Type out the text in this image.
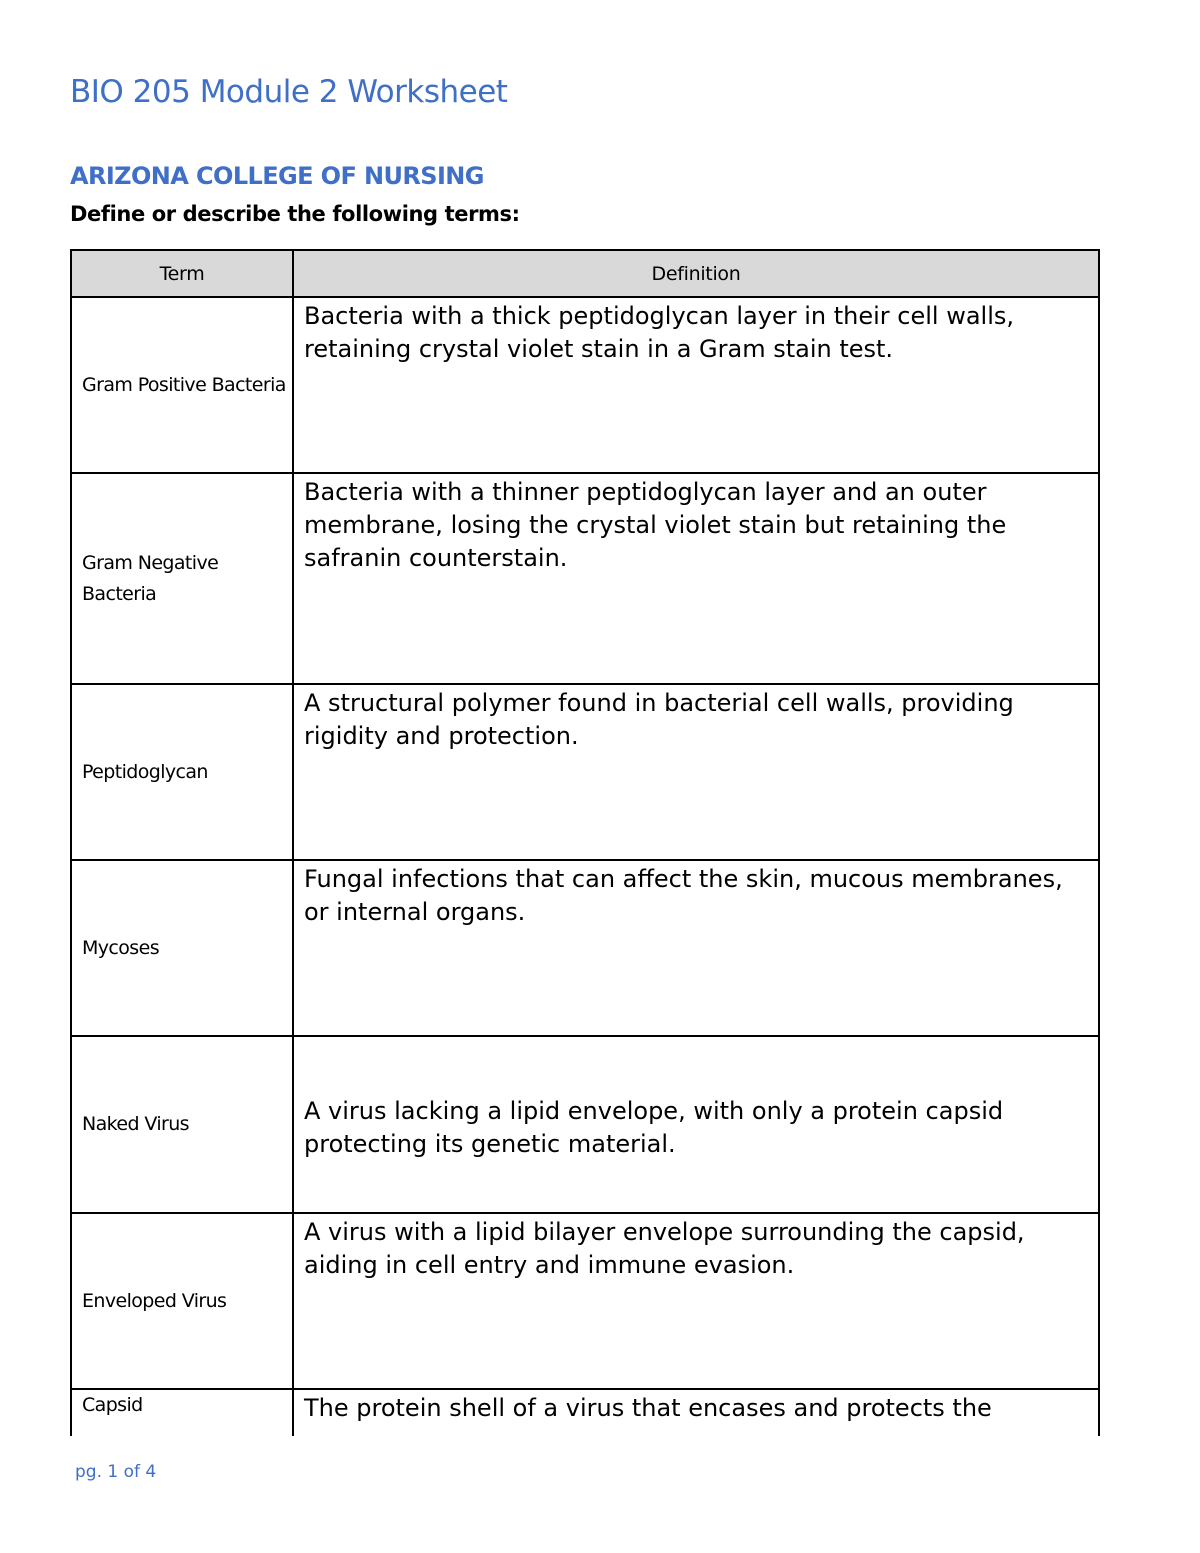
BIO 205 Module 2 Worksheet
ARIZONA COLLEGE OF NURSING
Define or describe the following terms:
Term	Definition
Gram Positive Bacteria	Bacteria with a thick peptidoglycan layer in their cell walls, retaining crystal violet stain in a Gram stain test.
Gram Negative Bacteria	Bacteria with a thinner peptidoglycan layer and an outer membrane, losing the crystal violet stain but retaining the safranin counterstain.
Peptidoglycan	A structural polymer found in bacterial cell walls, providing rigidity and protection.
Mycoses	Fungal infections that can affect the skin, mucous membranes, or internal organs.
Naked Virus	A virus lacking a lipid envelope, with only a protein capsid protecting its genetic material.
Enveloped Virus	A virus with a lipid bilayer envelope surrounding the capsid, aiding in cell entry and immune evasion.
Capsid	The protein shell of a virus that encases and protects the
pg. 1 of 4
